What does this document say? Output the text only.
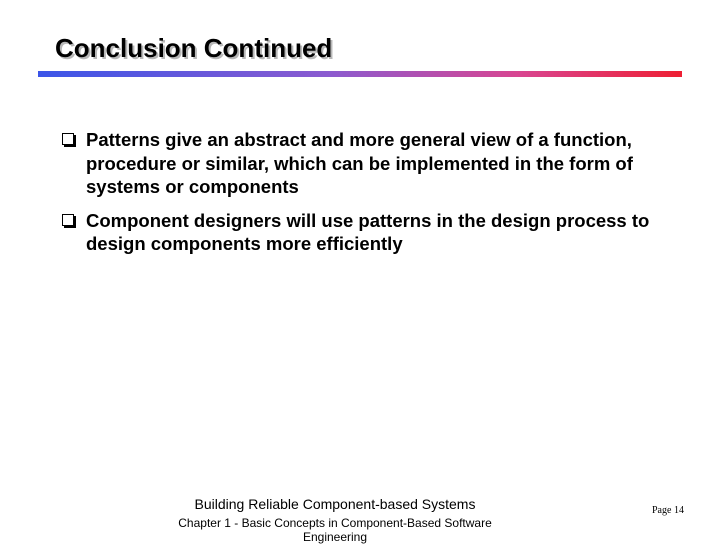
Conclusion Continued
Patterns give an abstract and more general view of a function, procedure or similar, which can be implemented in the form of systems or components
Component designers will use patterns in the design process to design components more efficiently
Building Reliable Component-based Systems
Chapter 1 - Basic Concepts in Component-Based Software Engineering
Page 14
